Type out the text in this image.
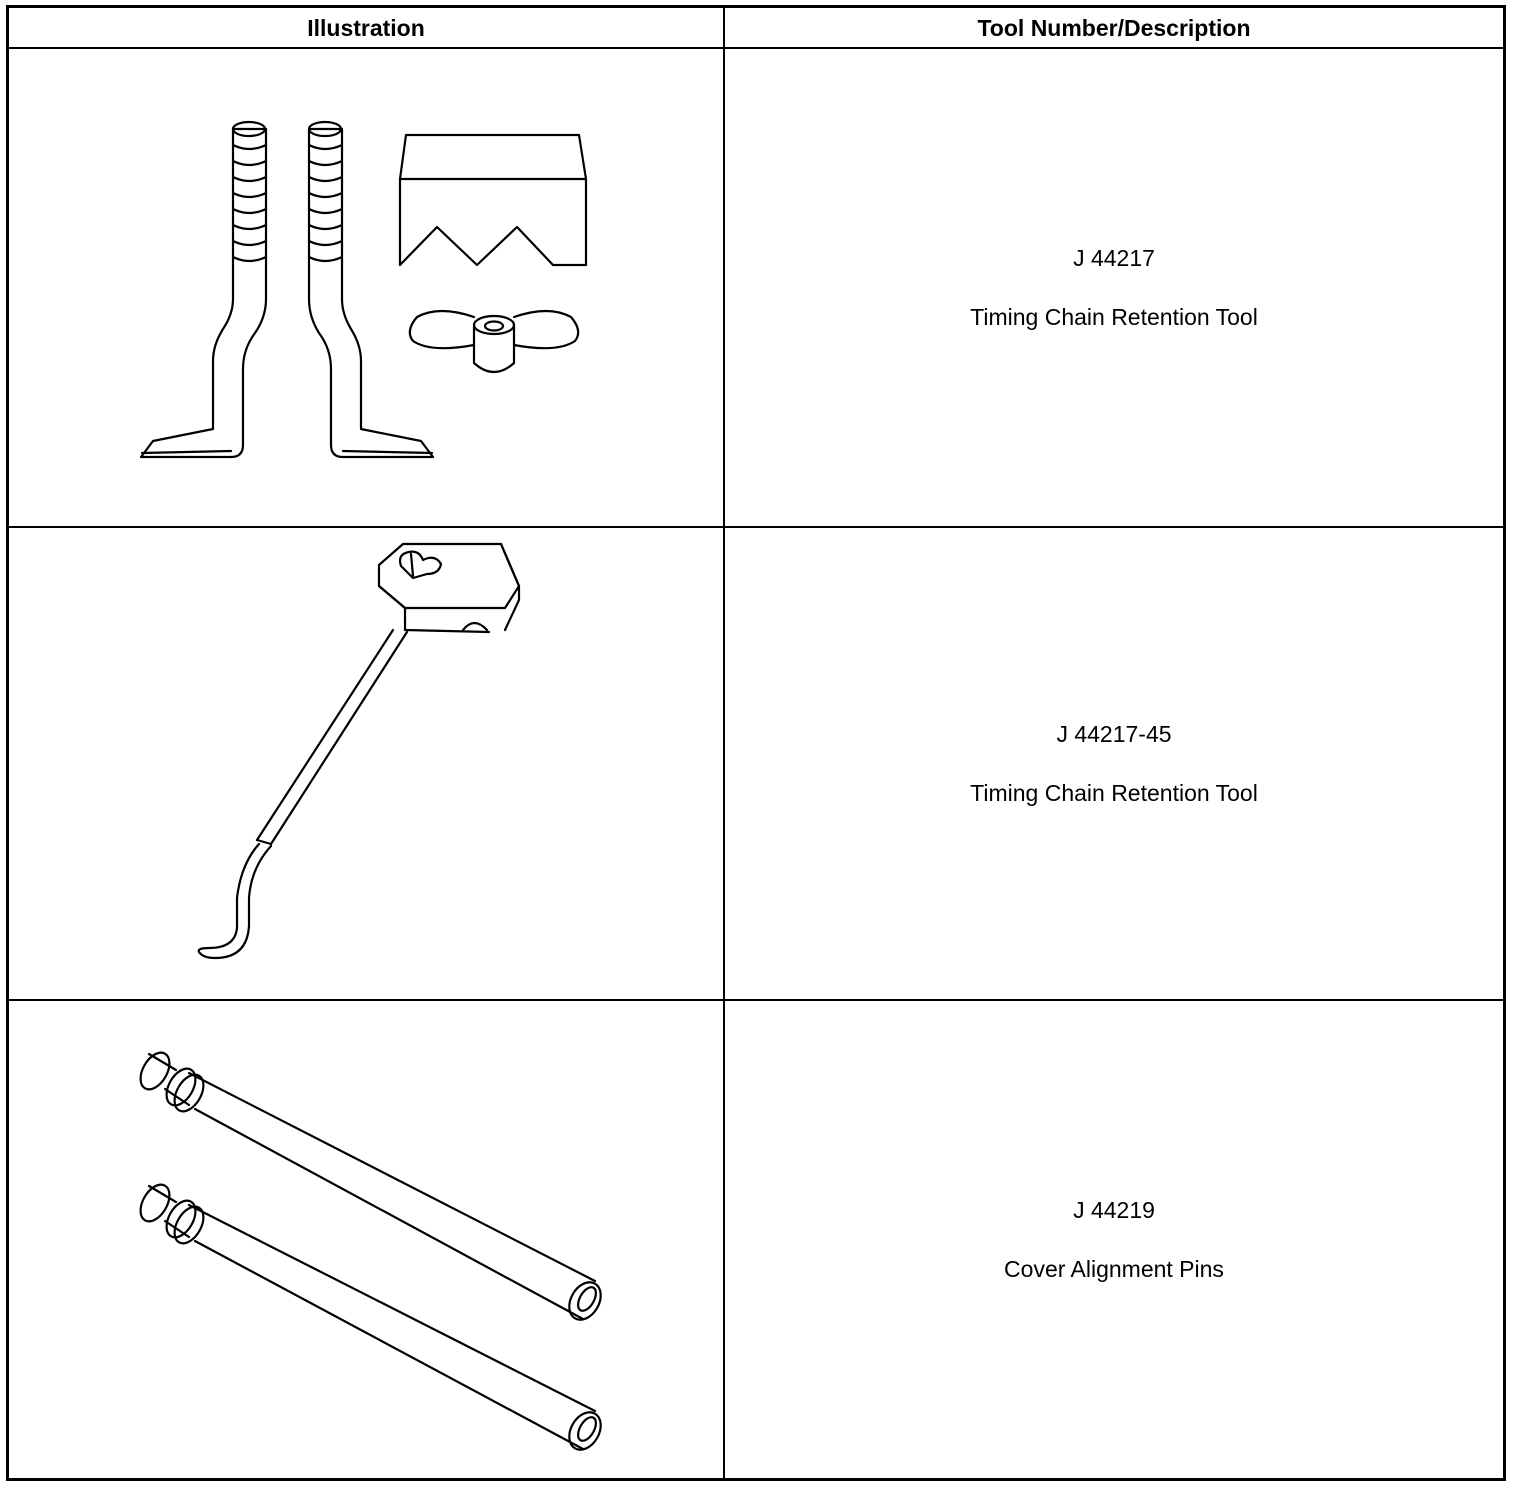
Illustration	Tool Number/Description
J 44217
Timing Chain Retention Tool
J 44217-45
Timing Chain Retention Tool
J 44219
Cover Alignment Pins
